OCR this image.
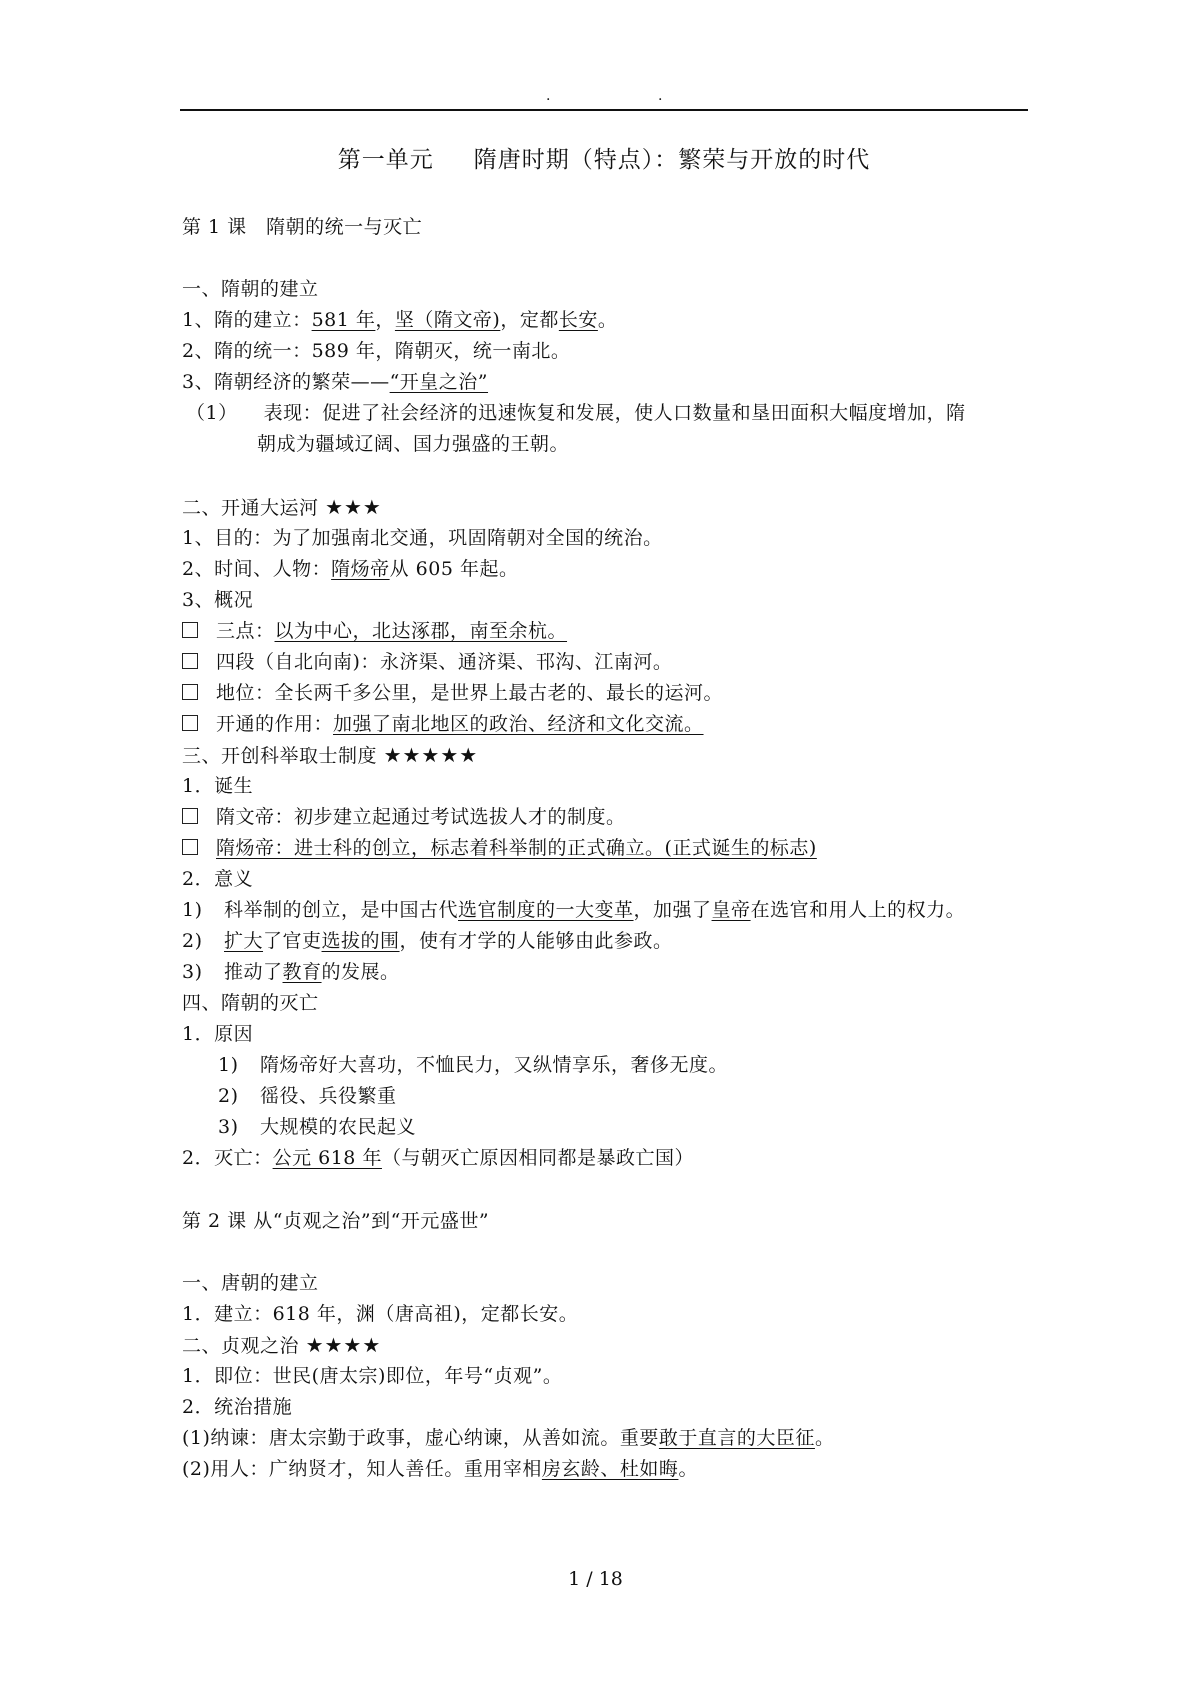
.	.
第一单元 隋唐时期（特点）：繁荣与开放的时代
第 1 课　隋朝的统一与灭亡
一、隋朝的建立
1、隋的建立：581 年，坚（隋文帝)，定都长安。
2、隋的统一：589 年，隋朝灭，统一南北。
3、隋朝经济的繁荣——“开皇之治”
（1） 表现：促进了社会经济的迅速恢复和发展，使人口数量和垦田面积大幅度增加，隋
朝成为疆域辽阔、国力强盛的王朝。
二、开通大运河 ★★★
1、目的：为了加强南北交通，巩固隋朝对全国的统治。
2、时间、人物：隋炀帝从 605 年起。
3、概况
三点：以为中心，北达涿郡，南至余杭。
四段（自北向南)：永济渠、通济渠、邗沟、江南河。
地位：全长两千多公里，是世界上最古老的、最长的运河。
开通的作用：加强了南北地区的政治、经济和文化交流。
三、开创科举取士制度 ★★★★★
1．诞生
隋文帝：初步建立起通过考试选拔人才的制度。
隋炀帝：进士科的创立，标志着科举制的正式确立。(正式诞生的标志)
2．意义
1) 科举制的创立，是中国古代选官制度的一大变革，加强了皇帝在选官和用人上的权力。
2) 扩大了官吏选拔的围，使有才学的人能够由此参政。
3) 推动了教育的发展。
四、隋朝的灭亡
1．原因
1) 隋炀帝好大喜功，不恤民力，又纵情享乐，奢侈无度。
2) 徭役、兵役繁重
3) 大规模的农民起义
2．灭亡：公元 618 年（与朝灭亡原因相同都是暴政亡国）
第 2 课 从“贞观之治”到“开元盛世”
一、唐朝的建立
1．建立：618 年，渊（唐高祖)，定都长安。
二、贞观之治 ★★★★
1．即位：世民(唐太宗)即位，年号“贞观”。
2．统治措施
(1)纳谏：唐太宗勤于政事，虚心纳谏，从善如流。重要敢于直言的大臣征。
(2)用人：广纳贤才，知人善任。重用宰相房玄龄、杜如晦。
1 / 18
